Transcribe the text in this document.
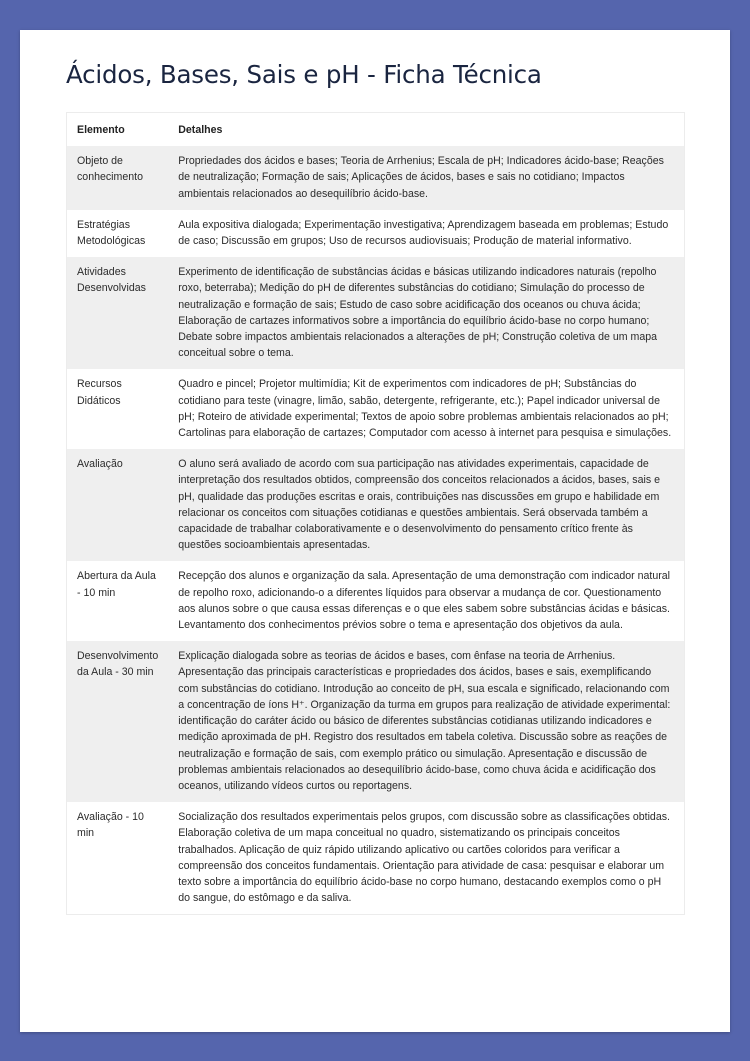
Ácidos, Bases, Sais e pH - Ficha Técnica
Elemento	Detalhes
Objeto de conhecimento	Propriedades dos ácidos e bases; Teoria de Arrhenius; Escala de pH; Indicadores ácido-base; Reações de neutralização; Formação de sais; Aplicações de ácidos, bases e sais no cotidiano; Impactos ambientais relacionados ao desequilíbrio ácido-base.
Estratégias Metodológicas	Aula expositiva dialogada; Experimentação investigativa; Aprendizagem baseada em problemas; Estudo de caso; Discussão em grupos; Uso de recursos audiovisuais; Produção de material informativo.
Atividades Desenvolvidas	Experimento de identificação de substâncias ácidas e básicas utilizando indicadores naturais (repolho roxo, beterraba); Medição do pH de diferentes substâncias do cotidiano; Simulação do processo de neutralização e formação de sais; Estudo de caso sobre acidificação dos oceanos ou chuva ácida; Elaboração de cartazes informativos sobre a importância do equilíbrio ácido-base no corpo humano; Debate sobre impactos ambientais relacionados a alterações de pH; Construção coletiva de um mapa conceitual sobre o tema.
Recursos Didáticos	Quadro e pincel; Projetor multimídia; Kit de experimentos com indicadores de pH; Substâncias do cotidiano para teste (vinagre, limão, sabão, detergente, refrigerante, etc.); Papel indicador universal de pH; Roteiro de atividade experimental; Textos de apoio sobre problemas ambientais relacionados ao pH; Cartolinas para elaboração de cartazes; Computador com acesso à internet para pesquisa e simulações.
Avaliação	O aluno será avaliado de acordo com sua participação nas atividades experimentais, capacidade de interpretação dos resultados obtidos, compreensão dos conceitos relacionados a ácidos, bases, sais e pH, qualidade das produções escritas e orais, contribuições nas discussões em grupo e habilidade em relacionar os conceitos com situações cotidianas e questões ambientais. Será observada também a capacidade de trabalhar colaborativamente e o desenvolvimento do pensamento crítico frente às questões socioambientais apresentadas.
Abertura da Aula - 10 min	Recepção dos alunos e organização da sala. Apresentação de uma demonstração com indicador natural de repolho roxo, adicionando-o a diferentes líquidos para observar a mudança de cor. Questionamento aos alunos sobre o que causa essas diferenças e o que eles sabem sobre substâncias ácidas e básicas. Levantamento dos conhecimentos prévios sobre o tema e apresentação dos objetivos da aula.
Desenvolvimento da Aula - 30 min	Explicação dialogada sobre as teorias de ácidos e bases, com ênfase na teoria de Arrhenius. Apresentação das principais características e propriedades dos ácidos, bases e sais, exemplificando com substâncias do cotidiano. Introdução ao conceito de pH, sua escala e significado, relacionando com a concentração de íons H⁺. Organização da turma em grupos para realização de atividade experimental: identificação do caráter ácido ou básico de diferentes substâncias cotidianas utilizando indicadores e medição aproximada de pH. Registro dos resultados em tabela coletiva. Discussão sobre as reações de neutralização e formação de sais, com exemplo prático ou simulação. Apresentação e discussão de problemas ambientais relacionados ao desequilíbrio ácido-base, como chuva ácida e acidificação dos oceanos, utilizando vídeos curtos ou reportagens.
Avaliação - 10 min	Socialização dos resultados experimentais pelos grupos, com discussão sobre as classificações obtidas. Elaboração coletiva de um mapa conceitual no quadro, sistematizando os principais conceitos trabalhados. Aplicação de quiz rápido utilizando aplicativo ou cartões coloridos para verificar a compreensão dos conceitos fundamentais. Orientação para atividade de casa: pesquisar e elaborar um texto sobre a importância do equilíbrio ácido-base no corpo humano, destacando exemplos como o pH do sangue, do estômago e da saliva.
